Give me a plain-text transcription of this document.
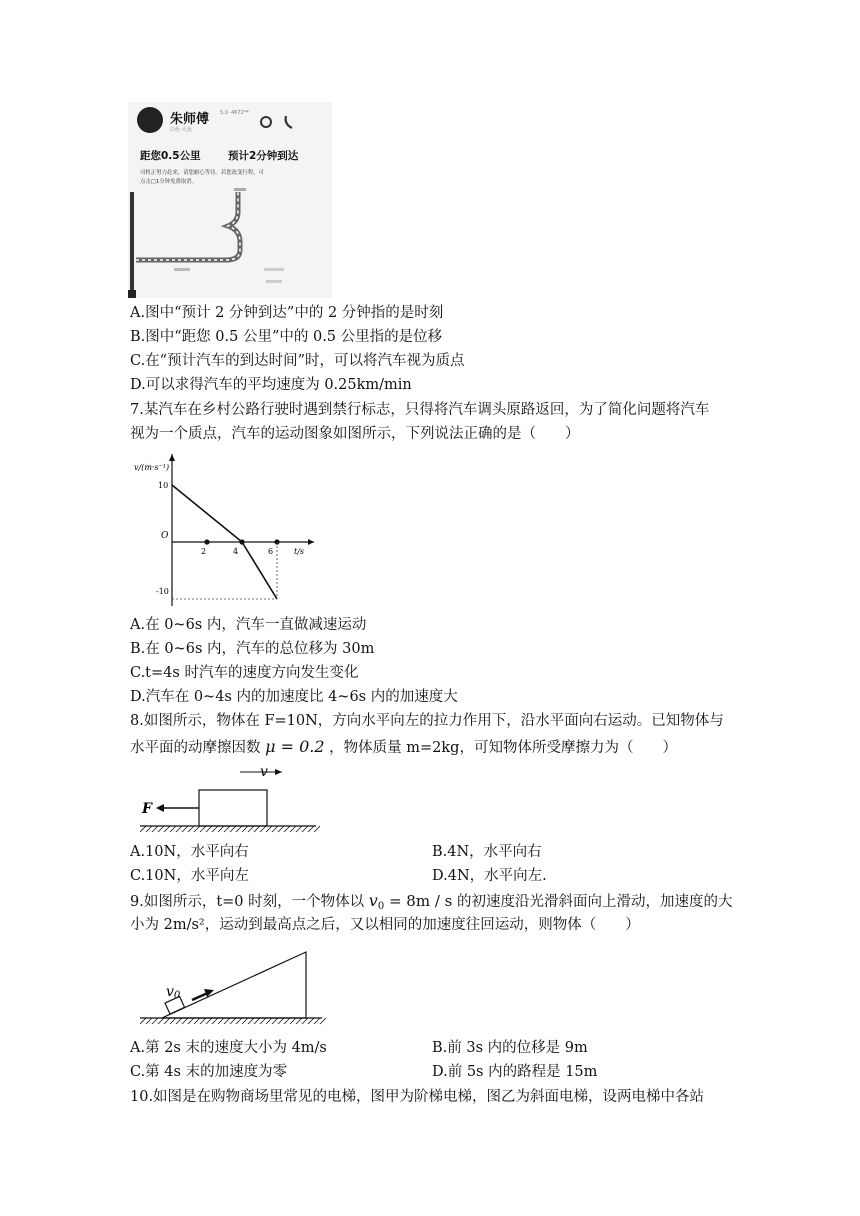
朱师傅 5.0 ·4672**
白色·大众
距您0.5公里	预计2分钟到达
司机正努力赶来，请您耐心等待。若您改变行程，可
点击□1分钟免费取消。
A.图中“预计 2 分钟到达”中的 2 分钟指的是时刻
B.图中“距您 0.5 公里”中的 0.5 公里指的是位移
C.在“预计汽车的到达时间”时，可以将汽车视为质点
D.可以求得汽车的平均速度为 0.25km/min
7.某汽车在乡村公路行驶时遇到禁行标志，只得将汽车调头原路返回，为了简化问题将汽车
视为一个质点，汽车的运动图象如图所示，下列说法正确的是（　　）
v/(m·s⁻¹)
t/s
O
10
-10
2	4	6
A.在 0~6s 内，汽车一直做减速运动
B.在 0~6s 内，汽车的总位移为 30m
C.t=4s 时汽车的速度方向发生变化
D.汽车在 0~4s 内的加速度比 4~6s 内的加速度大
8.如图所示，物体在 F=10N，方向水平向左的拉力作用下，沿水平面向右运动。已知物体与
水平面的动摩擦因数 μ = 0.2 ，物体质量 m=2kg，可知物体所受摩擦力为（　　）
v
F
A.10N，水平向右	B.4N，水平向右
C.10N，水平向左	D.4N，水平向左.
9.如图所示，t=0 时刻，一个物体以 $v_0 = 8m / s$ 的初速度沿光滑斜面向上滑动，加速度的大
小为 2m/s²，运动到最高点之后，又以相同的加速度往回运动，则物体（　　）
v0
A.第 2s 末的速度大小为 4m/s	B.前 3s 内的位移是 9m
C.第 4s 末的加速度为零	D.前 5s 内的路程是 15m
10.如图是在购物商场里常见的电梯，图甲为阶梯电梯，图乙为斜面电梯，设两电梯中各站
